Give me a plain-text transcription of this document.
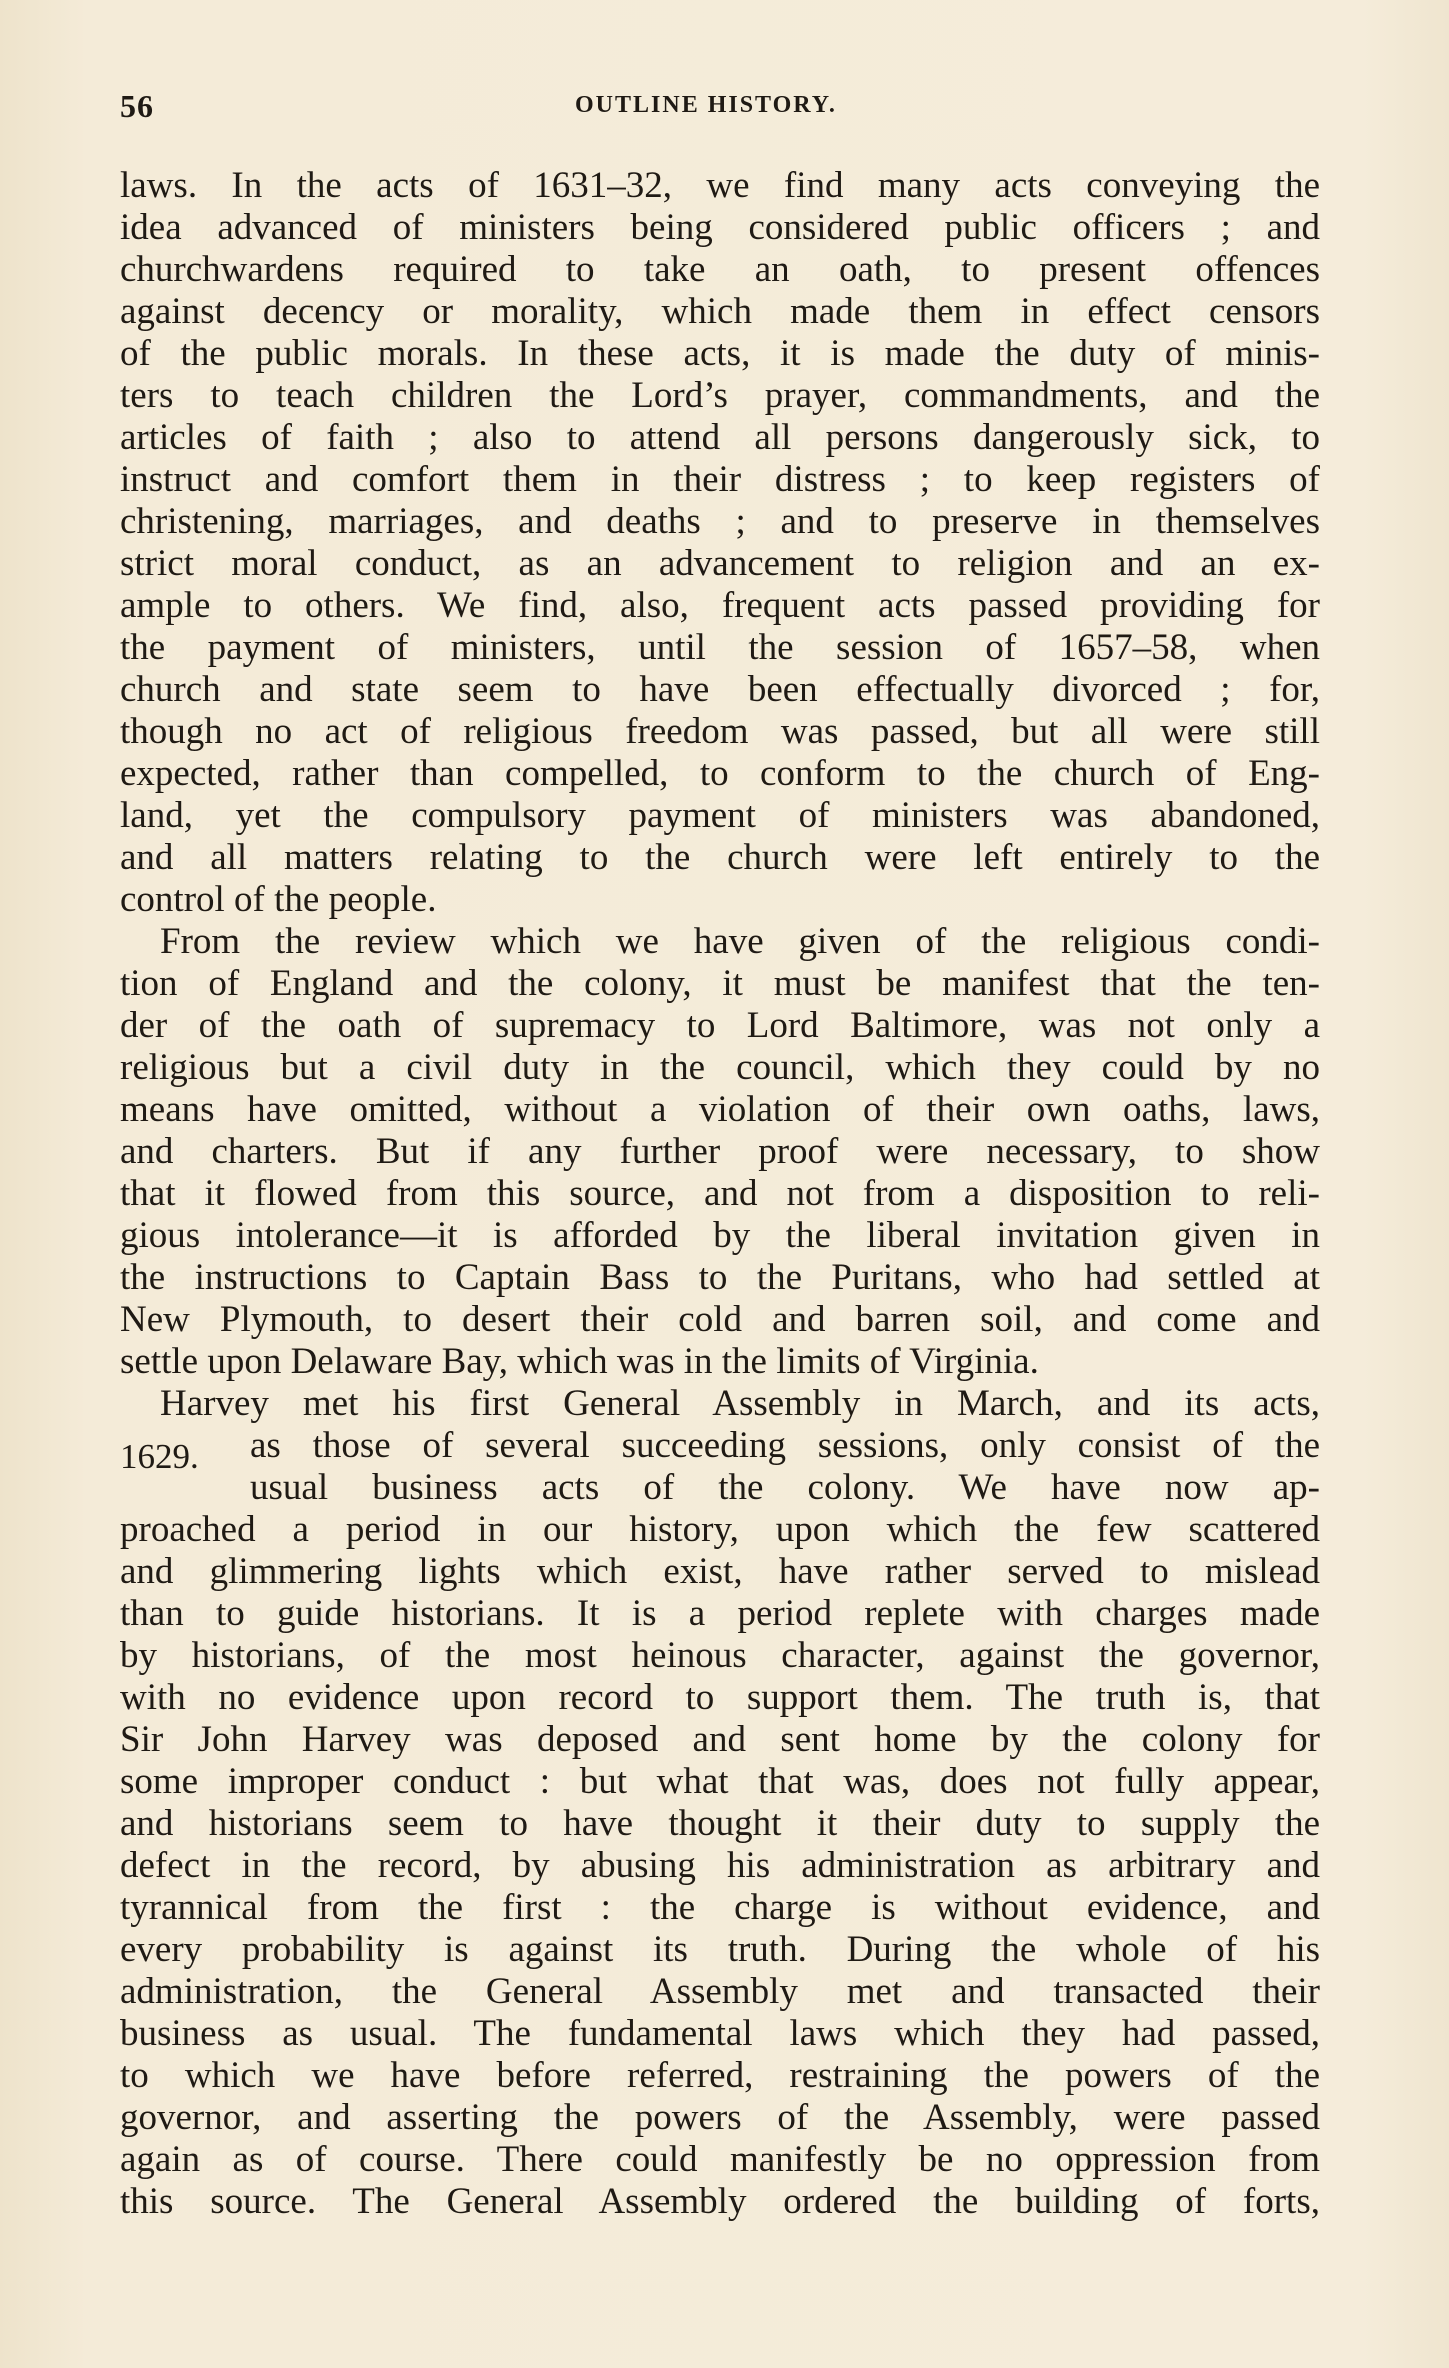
56	OUTLINE HISTORY.
laws. In the acts of 1631–32, we find many acts conveying the
idea advanced of ministers being considered public officers ; and
churchwardens required to take an oath, to present offences
against decency or morality, which made them in effect censors
of the public morals. In these acts, it is made the duty of minis-
ters to teach children the Lord’s prayer, commandments, and the
articles of faith ; also to attend all persons dangerously sick, to
instruct and comfort them in their distress ; to keep registers of
christening, marriages, and deaths ; and to preserve in themselves
strict moral conduct, as an advancement to religion and an ex-
ample to others. We find, also, frequent acts passed providing for
the payment of ministers, until the session of 1657–58, when
church and state seem to have been effectually divorced ; for,
though no act of religious freedom was passed, but all were still
expected, rather than compelled, to conform to the church of Eng-
land, yet the compulsory payment of ministers was abandoned,
and all matters relating to the church were left entirely to the
control of the people.
From the review which we have given of the religious condi-
tion of England and the colony, it must be manifest that the ten-
der of the oath of supremacy to Lord Baltimore, was not only a
religious but a civil duty in the council, which they could by no
means have omitted, without a violation of their own oaths, laws,
and charters. But if any further proof were necessary, to show
that it flowed from this source, and not from a disposition to reli-
gious intolerance—it is afforded by the liberal invitation given in
the instructions to Captain Bass to the Puritans, who had settled at
New Plymouth, to desert their cold and barren soil, and come and
settle upon Delaware Bay, which was in the limits of Virginia.
Harvey met his first General Assembly in March, and its acts,
1629.	as those of several succeeding sessions, only consist of the
usual business acts of the colony. We have now ap-
proached a period in our history, upon which the few scattered
and glimmering lights which exist, have rather served to mislead
than to guide historians. It is a period replete with charges made
by historians, of the most heinous character, against the governor,
with no evidence upon record to support them. The truth is, that
Sir John Harvey was deposed and sent home by the colony for
some improper conduct : but what that was, does not fully appear,
and historians seem to have thought it their duty to supply the
defect in the record, by abusing his administration as arbitrary and
tyrannical from the first : the charge is without evidence, and
every probability is against its truth. During the whole of his
administration, the General Assembly met and transacted their
business as usual. The fundamental laws which they had passed,
to which we have before referred, restraining the powers of the
governor, and asserting the powers of the Assembly, were passed
again as of course. There could manifestly be no oppression from
this source. The General Assembly ordered the building of forts,
